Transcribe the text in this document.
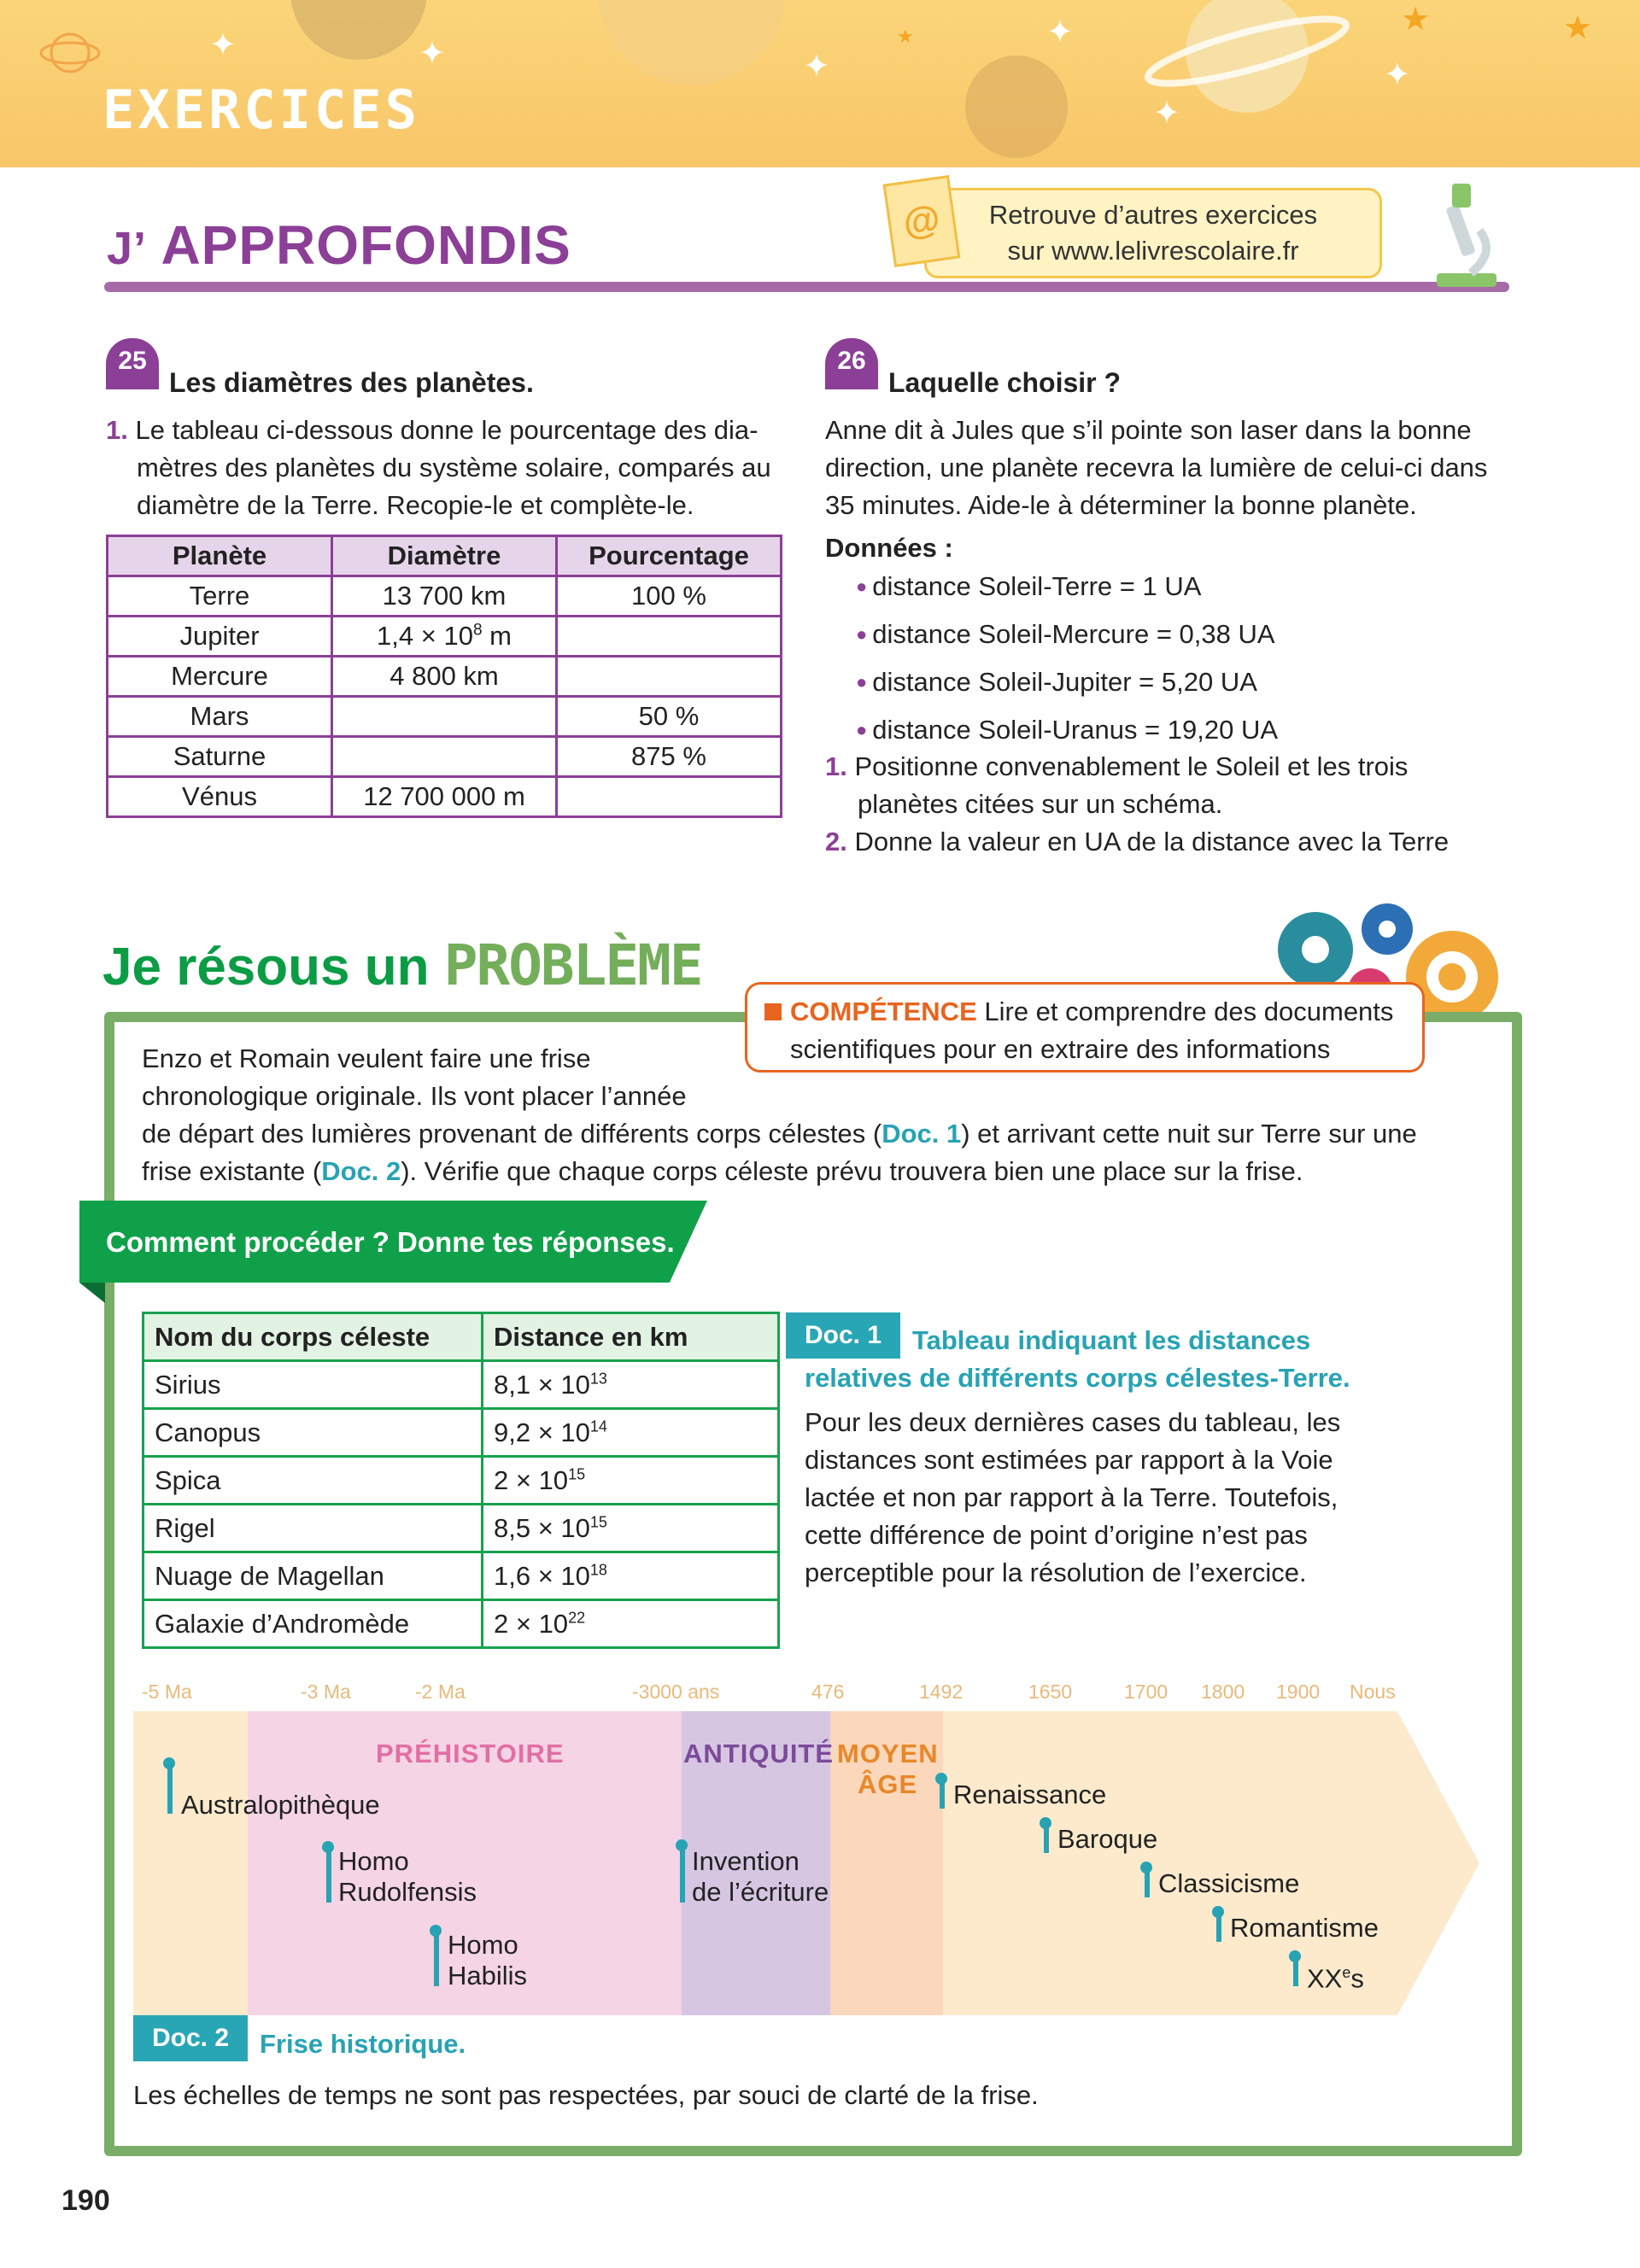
✦	✦	✦
✦
✦
✦
★	★
★
EXERCICES
J’ APPROFONDIS	Retrouve d’autres exercices
sur www.lelivrescolaire.fr
@
25
Les diamètres des planètes.
1. Le tableau ci-dessous donne le pourcentage des dia-
mètres des planètes du système solaire, comparés au
diamètre de la Terre. Recopie-le et complète-le.
Planète	Diamètre	Pourcentage
Terre	13 700 km	100 %
Jupiter	$1,4 \times 10^8$ m	
Mercure	4 800 km	
Mars		50 %
Saturne		875 %
Vénus	12 700 000 m	
26
Laquelle choisir ?
Anne dit à Jules que s’il pointe son laser dans la bonne
direction, une planète recevra la lumière de celui-ci dans
35 minutes. Aide-le à déterminer la bonne planète.
Données :
● distance Soleil-Terre = 1 UA
● distance Soleil-Mercure = 0,38 UA
● distance Soleil-Jupiter = 5,20 UA
● distance Soleil-Uranus = 19,20 UA
1. Positionne convenablement le Soleil et les trois
planètes citées sur un schéma.
2. Donne la valeur en UA de la distance avec la Terre
Je résous un PROBLÈME
COMPÉTENCE Lire et comprendre des documents
scientifiques pour en extraire des informations
Enzo et Romain veulent faire une frise
chronologique originale. Ils vont placer l’année
de départ des lumières provenant de différents corps célestes (Doc. 1) et arrivant cette nuit sur Terre sur une
frise existante (Doc. 2). Vérifie que chaque corps céleste prévu trouvera bien une place sur la frise.
Comment procéder ? Donne tes réponses.
Nom du corps céleste	Distance en km
Sirius	$8,1 \times 10^{13}$
Canopus	$9,2 \times 10^{14}$
Spica	$2 \times 10^{15}$
Rigel	$8,5 \times 10^{15}$
Nuage de Magellan	$1,6 \times 10^{18}$
Galaxie d’Andromède	$2 \times 10^{22}$
Doc. 1	Tableau indiquant les distances
relatives de différents corps célestes-Terre.
Pour les deux dernières cases du tableau, les
distances sont estimées par rapport à la Voie
lactée et non par rapport à la Terre. Toutefois,
cette différence de point d’origine n’est pas
perceptible pour la résolution de l’exercice.
-5 Ma	-3 Ma	-2 Ma	-3000 ans	476	1492	1650	1700 1800 1900 Nous
PRÉHISTOIRE	ANTIQUITÉ MOYEN
ÂGE
Australopithèque
Homo
Rudolfensis
Homo
Habilis
Invention
de l’écriture
Renaissance
Baroque
Classicisme
Romantisme
XXes
Doc. 2	Frise historique.
Les échelles de temps ne sont pas respectées, par souci de clarté de la frise.
190
